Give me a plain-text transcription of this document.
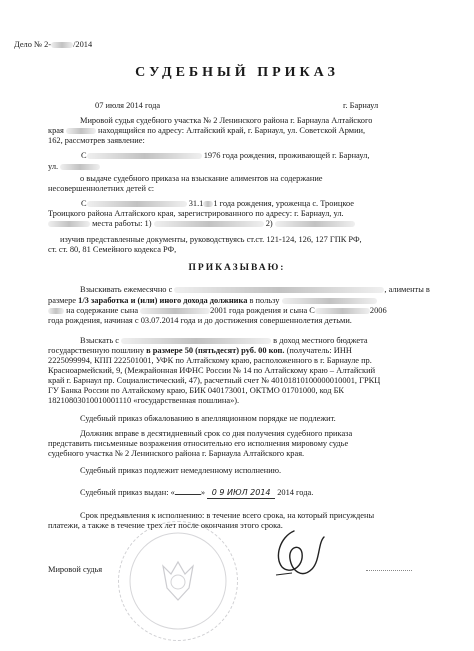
Дело № 2-	/2014
СУДЕБНЫЙ ПРИКАЗ
07 июля 2014 года	г. Барнаул
Мировой судья судебного участка № 2 Ленинского района г. Барнаула Алтайского
края	находящийся по адресу: Алтайский край, г. Барнаул, ул. Советской Армии,
162, рассмотрев заявление:
С	1976 года рождения, проживающей г. Барнаул,
ул.
о выдаче судебного приказа на взыскание алиментов на содержание
несовершеннолетних детей с:
С	31.1 1 года рождения, уроженца с. Троицкое
Троицкого района Алтайского края, зарегистрированного по адресу: г. Барнаул, ул.
места работы: 1)	2)
изучив представленные документы, руководствуясь ст.ст. 121-124, 126, 127 ГПК РФ,
ст. ст. 80, 81 Семейного кодекса РФ,
ПРИКАЗЫВАЮ:
Взыскивать ежемесячно с	, алименты в
размере 1/3 заработка и (или) иного дохода должника в пользу
на содержание сына	2001 года рождения и сына С	2006
года рождения, начиная с 03.07.2014 года и до достижения совершеннолетия детьми.
Взыскать с	в доход местного бюджета
государственную пошлину в размере 50 (пятьдесят) руб. 00 коп. (получатель: ИНН
2225099994, КПП 222501001, УФК по Алтайскому краю, расположенного в г. Барнауле пр.
Красноармейский, 9, (Межрайонная ИФНС России № 14 по Алтайскому краю – Алтайский
край г. Барнаул пр. Социалистический, 47), расчетный счет № 40101810100000010001, ГРКЦ
ГУ Банка России по Алтайскому краю, БИК 040173001, ОКТМО 01701000, код БК
18210803010010001110 «государственная пошлина»).
Судебный приказ обжалованию в апелляционном порядке не подлежит.
Должник вправе в десятидневный срок со дня получения судебного приказа
представить письменные возражения относительно его исполнения мировому судье
судебного участка № 2 Ленинского района г. Барнаула Алтайского края.
Судебный приказ подлежит немедленному исполнению.
Судебный приказ выдан: «	» 0 9 ИЮЛ 2014 2014 года.
Срок предъявления к исполнению: в течение всего срока, на который присуждены
платежи, а также в течение трех лет после окончания этого срока.
Мировой судья
